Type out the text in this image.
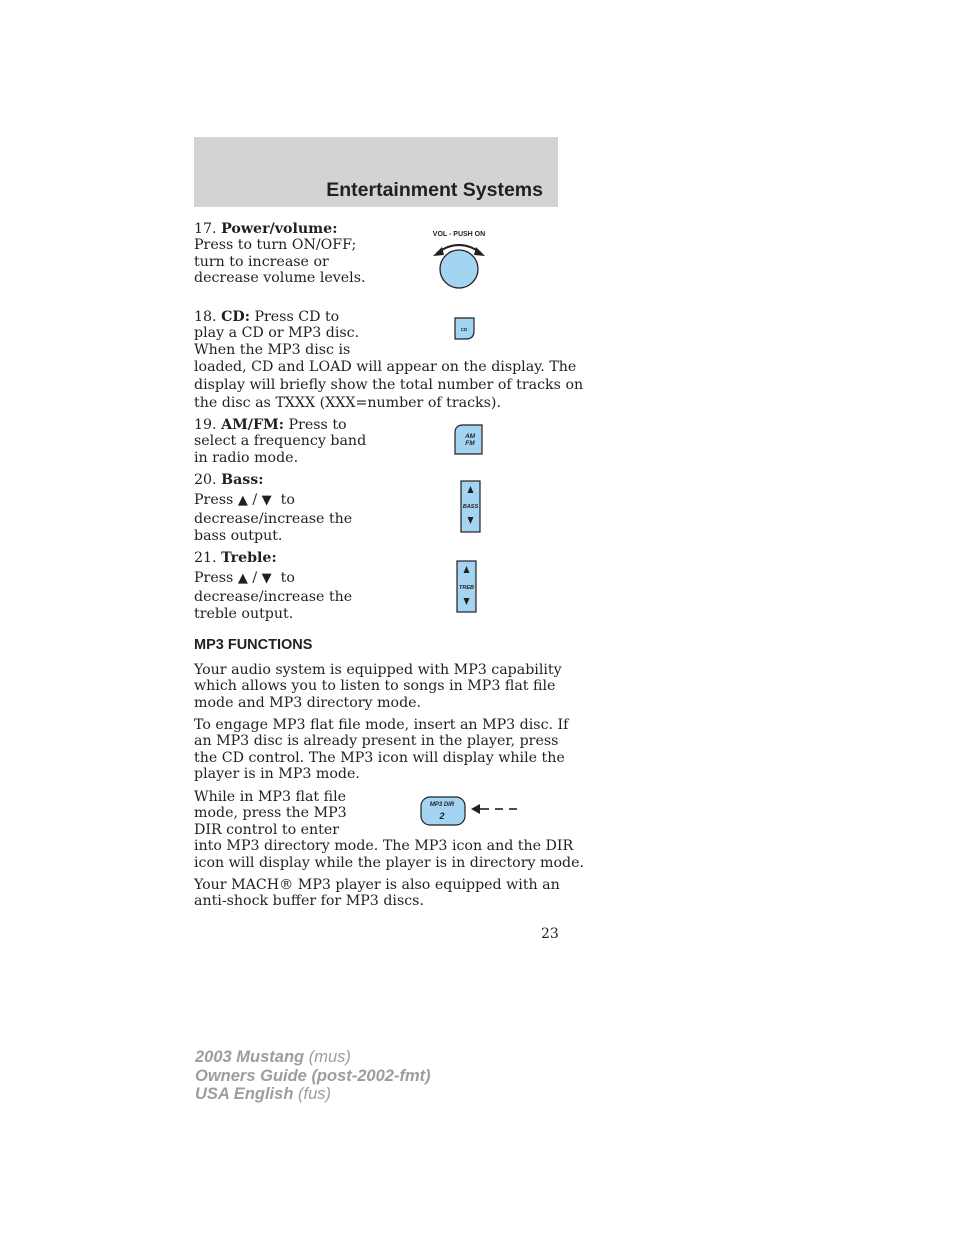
Entertainment Systems
17. Power/volume:
Press to turn ON/OFF;
turn to increase or
decrease volume levels.
VOL - PUSH ON
18. CD: Press CD to
play a CD or MP3 disc.
When the MP3 disc is
loaded, CD and LOAD will appear on the display. The
display will briefly show the total number of tracks on
the disc as TXXX (XXX=number of tracks).
CD
19. AM/FM: Press to
select a frequency band
in radio mode.
AM
FM
20. Bass:
Press ▲ / ▼ to
decrease/increase the
bass output.
BASS
21. Treble:
Press ▲ / ▼ to
decrease/increase the
treble output.
TREB
MP3 FUNCTIONS
Your audio system is equipped with MP3 capability
which allows you to listen to songs in MP3 flat file
mode and MP3 directory mode.
To engage MP3 flat file mode, insert an MP3 disc. If
an MP3 disc is already present in the player, press
the CD control. The MP3 icon will display while the
player is in MP3 mode.
While in MP3 flat file
mode, press the MP3
DIR control to enter
into MP3 directory mode. The MP3 icon and the DIR
icon will display while the player is in directory mode.
MP3 DIR
2
Your MACH® MP3 player is also equipped with an
anti-shock buffer for MP3 discs.
23
2003 Mustang (mus)
Owners Guide (post-2002-fmt)
USA English (fus)
